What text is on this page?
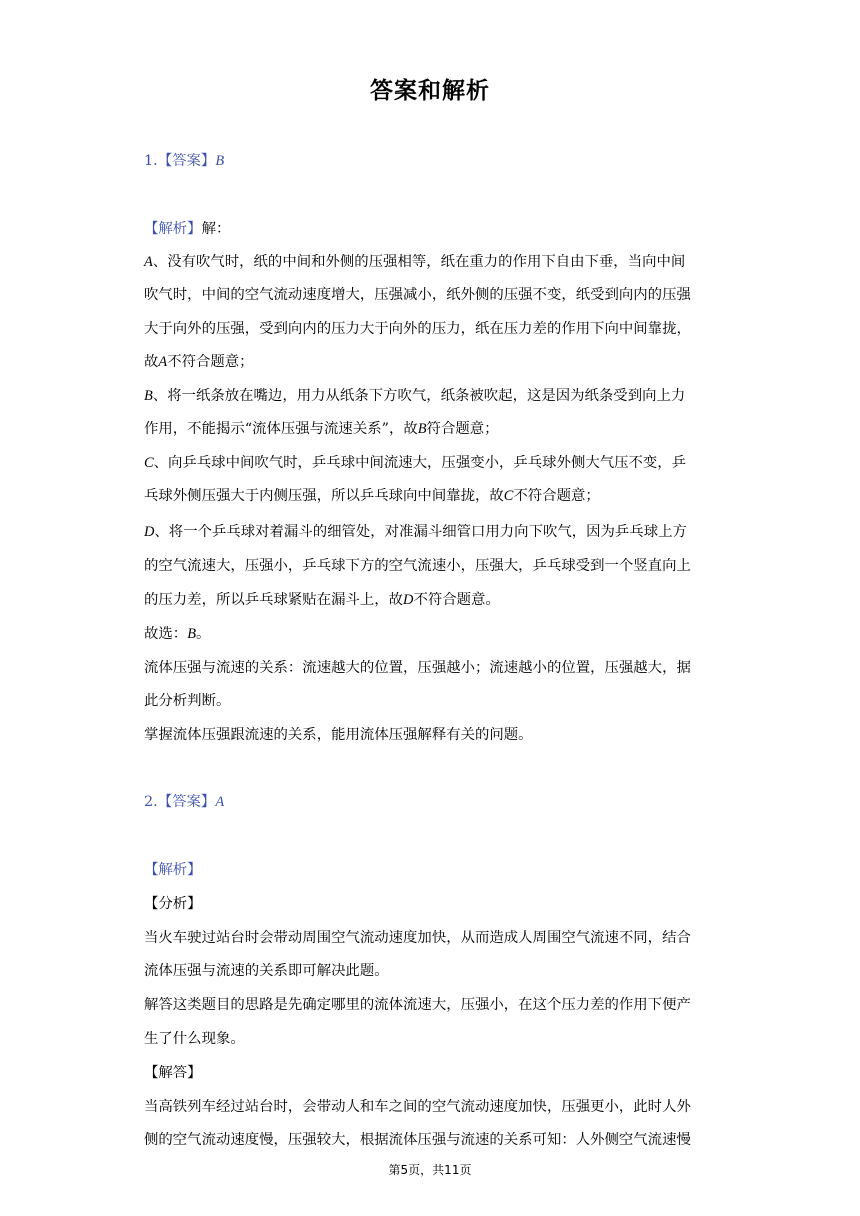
答案和解析
1.【答案】B
【解析】解：
A、没有吹气时，纸的中间和外侧的压强相等，纸在重力的作用下自由下垂，当向中间
吹气时，中间的空气流动速度增大，压强减小，纸外侧的压强不变，纸受到向内的压强
大于向外的压强，受到向内的压力大于向外的压力，纸在压力差的作用下向中间靠拢，
故A不符合题意；
B、将一纸条放在嘴边，用力从纸条下方吹气，纸条被吹起，这是因为纸条受到向上力
作用，不能揭示“流体压强与流速关系”，故B符合题意；
C、向乒乓球中间吹气时，乒乓球中间流速大，压强变小，乒乓球外侧大气压不变，乒
乓球外侧压强大于内侧压强，所以乒乓球向中间靠拢，故C不符合题意；
D、将一个乒乓球对着漏斗的细管处，对准漏斗细管口用力向下吹气，因为乒乓球上方
的空气流速大，压强小，乒乓球下方的空气流速小，压强大，乒乓球受到一个竖直向上
的压力差，所以乒乓球紧贴在漏斗上，故D不符合题意。
故选：B。
流体压强与流速的关系：流速越大的位置，压强越小；流速越小的位置，压强越大，据
此分析判断。
掌握流体压强跟流速的关系，能用流体压强解释有关的问题。
2.【答案】A
【解析】
【分析】
当火车驶过站台时会带动周围空气流动速度加快，从而造成人周围空气流速不同，结合
流体压强与流速的关系即可解决此题。
解答这类题目的思路是先确定哪里的流体流速大，压强小，在这个压力差的作用下便产
生了什么现象。
【解答】
当高铁列车经过站台时，会带动人和车之间的空气流动速度加快，压强更小，此时人外
侧的空气流动速度慢，压强较大，根据流体压强与流速的关系可知：人外侧空气流速慢
第5页，共11页
